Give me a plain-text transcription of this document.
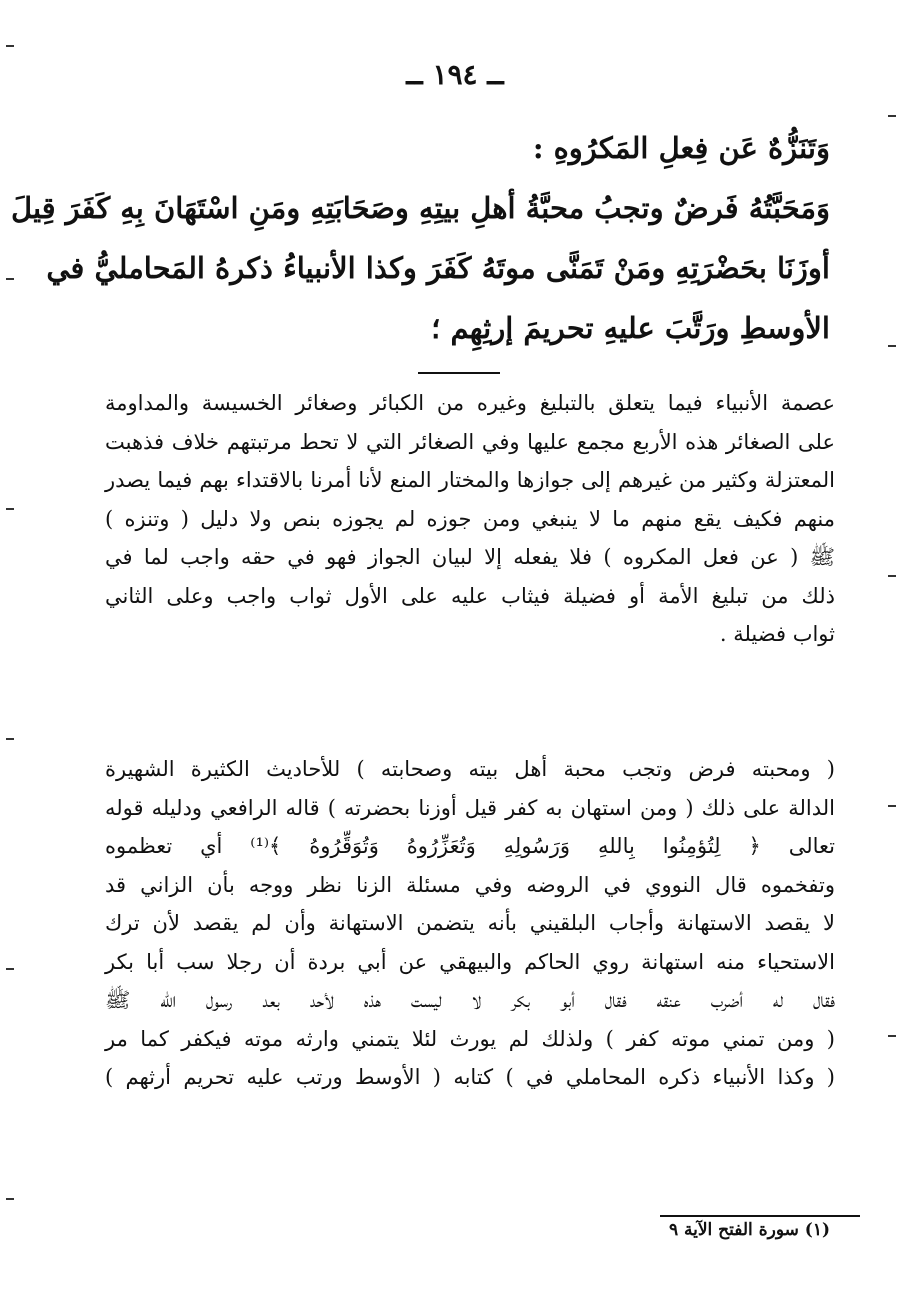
ــ ١٩٤ ــ
وَتَنَزُّهٌ عَن فِعلِ المَكرُوهِ :
وَمَحَبَّتُهُ فَرضٌ وتجبُ محبَّةُ أهلِ بيتِهِ وصَحَابَتِهِ ومَنِ اسْتَهَانَ بِهِ كَفَرَ قِيلَ
أوزَنَا بحَضْرَتِهِ ومَنْ تَمَنَّى موتَهُ كَفَرَ وكذا الأنبياءُ ذكرهُ المَحامليُّ في
الأوسطِ ورَتَّبَ عليهِ تحريمَ إرثِهِم ؛
عصمة الأنبياء فيما يتعلق بالتبليغ وغيره من الكبائر وصغائر الخسيسة والمداومة
على الصغائر هذه الأربع مجمع عليها وفي الصغائر التي لا تحط مرتبتهم خلاف فذهبت
المعتزلة وكثير من غيرهم إلى جوازها والمختار المنع لأنا أمرنا بالاقتداء بهم فيما يصدر
منهم فكيف يقع منهم ما لا ينبغي ومن جوزه لم يجوزه بنص ولا دليل ( وتنزه )
ﷺ ( عن فعل المكروه ) فلا يفعله إلا لبيان الجواز فهو في حقه واجب لما في
ذلك من تبليغ الأمة أو فضيلة فيثاب عليه على الأول ثواب واجب وعلى الثاني
ثواب فضيلة .
( ومحبته فرض وتجب محبة أهل بيته وصحابته ) للأحاديث الكثيرة الشهيرة
الدالة على ذلك ( ومن استهان به كفر قيل أوزنا بحضرته ) قاله الرافعي ودليله قوله
تعالى ﴿ لِتُؤمِنُوا بِاللهِ وَرَسُولِهِ وَتُعَزِّرُوهُ وَتُوَقِّرُوهُ ﴾⁽¹⁾ أي تعظموه
وتفخموه قال النووي في الروضه وفي مسئلة الزنا نظر ووجه بأن الزاني قد
لا يقصد الاستهانة وأجاب البلقيني بأنه يتضمن الاستهانة وأن لم يقصد لأن ترك
الاستحياء منه استهانة روي الحاكم والبيهقي عن أبي بردة أن رجلا سب أبا بكر
فقال له أضرب عنقه فقال أبو بكر لا ليست هذه لأحد بعد رسول الله ﷺ
( ومن تمني موته كفر ) ولذلك لم يورث لئلا يتمني وارثه موته فيكفر كما مر
( وكذا الأنبياء ذكره المحاملي في ) كتابه ( الأوسط ورتب عليه تحريم أرثهم )
(١) سورة الفتح الآية ٩
